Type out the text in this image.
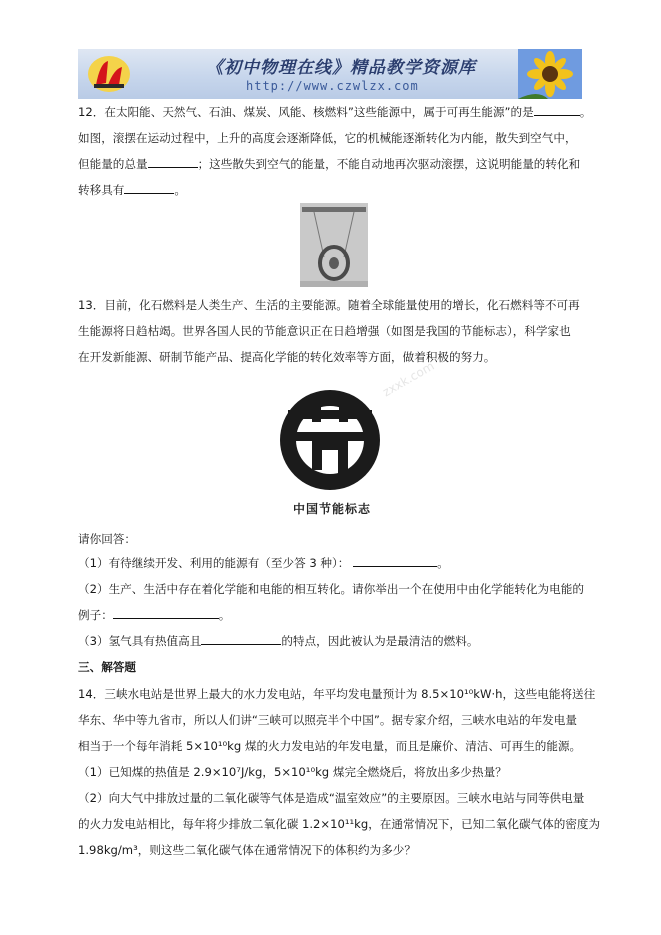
《初中物理在线》精品教学资源库
http://www.czwlzx.com
12．在太阳能、天然气、石油、煤炭、风能、核燃料”这些能源中，属于可再生能源”的是	。
如图，滚摆在运动过程中，上升的高度会逐渐降低，它的机械能逐渐转化为内能，散失到空气中，
但能量的总量	；这些散失到空气的能量，不能自动地再次驱动滚摆，这说明能量的转化和
转移具有	。
13．目前，化石燃料是人类生产、生活的主要能源。随着全球能量使用的增长，化石燃料等不可再
生能源将日趋枯竭。世界各国人民的节能意识正在日趋增强（如图是我国的节能标志），科学家也
在开发新能源、研制节能产品、提高化学能的转化效率等方面，做着积极的努力。
中国节能标志
请你回答：
（1）有待继续开发、利用的能源有（至少答 3 种）：	。
（2）生产、生活中存在着化学能和电能的相互转化。请你举出一个在使用中由化学能转化为电能的
例子：	。
（3）氢气具有热值高且	的特点，因此被认为是最清洁的燃料。
三、解答题
14．三峡水电站是世界上最大的水力发电站，年平均发电量预计为 8.5×10¹⁰kW·h，这些电能将送往
华东、华中等九省市，所以人们讲“三峡可以照亮半个中国”。据专家介绍，三峡水电站的年发电量
相当于一个每年消耗 5×10¹⁰kg 煤的火力发电站的年发电量，而且是廉价、清洁、可再生的能源。
（1）已知煤的热值是 2.9×10⁷J/kg，5×10¹⁰kg 煤完全燃烧后，将放出多少热量？
（2）向大气中排放过量的二氧化碳等气体是造成“温室效应”的主要原因。三峡水电站与同等供电量
的火力发电站相比，每年将少排放二氧化碳 1.2×10¹¹kg，在通常情况下，已知二氧化碳气体的密度为
1.98kg/m³，则这些二氧化碳气体在通常情况下的体积约为多少？
zxxk.com
